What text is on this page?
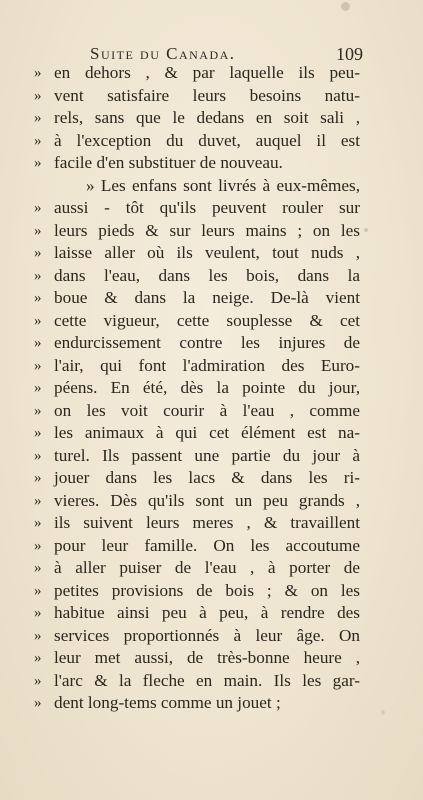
Suite du Canada.	109
» en dehors , & par laquelle ils peu-
» vent satisfaire leurs besoins natu-
» rels, sans que le dedans en soit sali ,
» à l'exception du duvet, auquel il est
» facile d'en substituer de nouveau.
» Les enfans sont livrés à eux-mêmes,
» aussi - tôt qu'ils peuvent rouler sur
» leurs pieds & sur leurs mains ; on les
» laisse aller où ils veulent, tout nuds ,
» dans l'eau, dans les bois, dans la
» boue & dans la neige. De-là vient
» cette vigueur, cette souplesse & cet
» endurcissement contre les injures de
» l'air, qui font l'admiration des Euro-
» péens. En été, dès la pointe du jour,
» on les voit courir à l'eau , comme
» les animaux à qui cet élément est na-
» turel. Ils passent une partie du jour à
» jouer dans les lacs & dans les ri-
» vieres. Dès qu'ils sont un peu grands ,
» ils suivent leurs meres , & travaillent
» pour leur famille. On les accoutume
» à aller puiser de l'eau , à porter de
» petites provisions de bois ; & on les
» habitue ainsi peu à peu, à rendre des
» services proportionnés à leur âge. On
» leur met aussi, de très-bonne heure ,
» l'arc & la fleche en main. Ils les gar-
» dent long-tems comme un jouet ;
